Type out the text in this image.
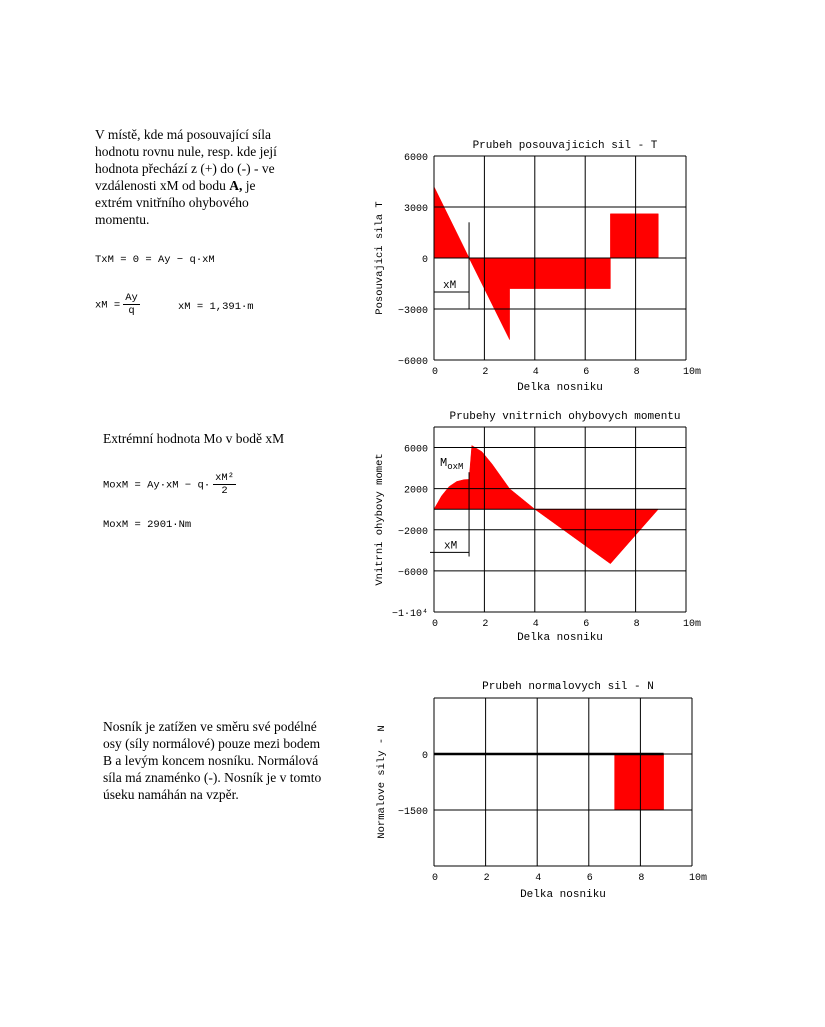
V místě, kde má posouvající síla
hodnotu rovnu nule, resp. kde její
hodnota přechází z (+) do (-) - ve
vzdálenosti xM od bodu A, je
extrém vnitřního ohybového
momentu.
TxM = 0 = Ay − q·xM
xM = $\frac{Ay}{q}$	xM = 1,391·m
Extrémní hodnota Mo v bodě xM
MoxM = $Ay\cdot xM - q\cdot \frac{\text{xM²}}{2}$
MoxM = 2901·Nm
Nosník je zatížen ve směru své podélné
osy (síly normálové) pouze mezi bodem
B a levým koncem nosníku. Normálová
síla má znaménko (-). Nosník je v tomto
úseku namáhán na vzpěr.
Prubeh posouvajicich sil - T
0	2	4	6	8	10m
6000
3000
0
−3000
−6000
Delka nosniku
Posouvajici sila T	xM
Prubehy vnitrnich ohybovych momentu
0	2	4	6	8	10m
6000
2000
−2000
−6000
−1·10⁴
Delka nosniku
Vnitrni ohybovy momet	$M_{oxM}$
xM
Prubeh normalovych sil - N
0	2	4	6	8	10m
0
−1500
Delka nosniku
Normalove sily - N
